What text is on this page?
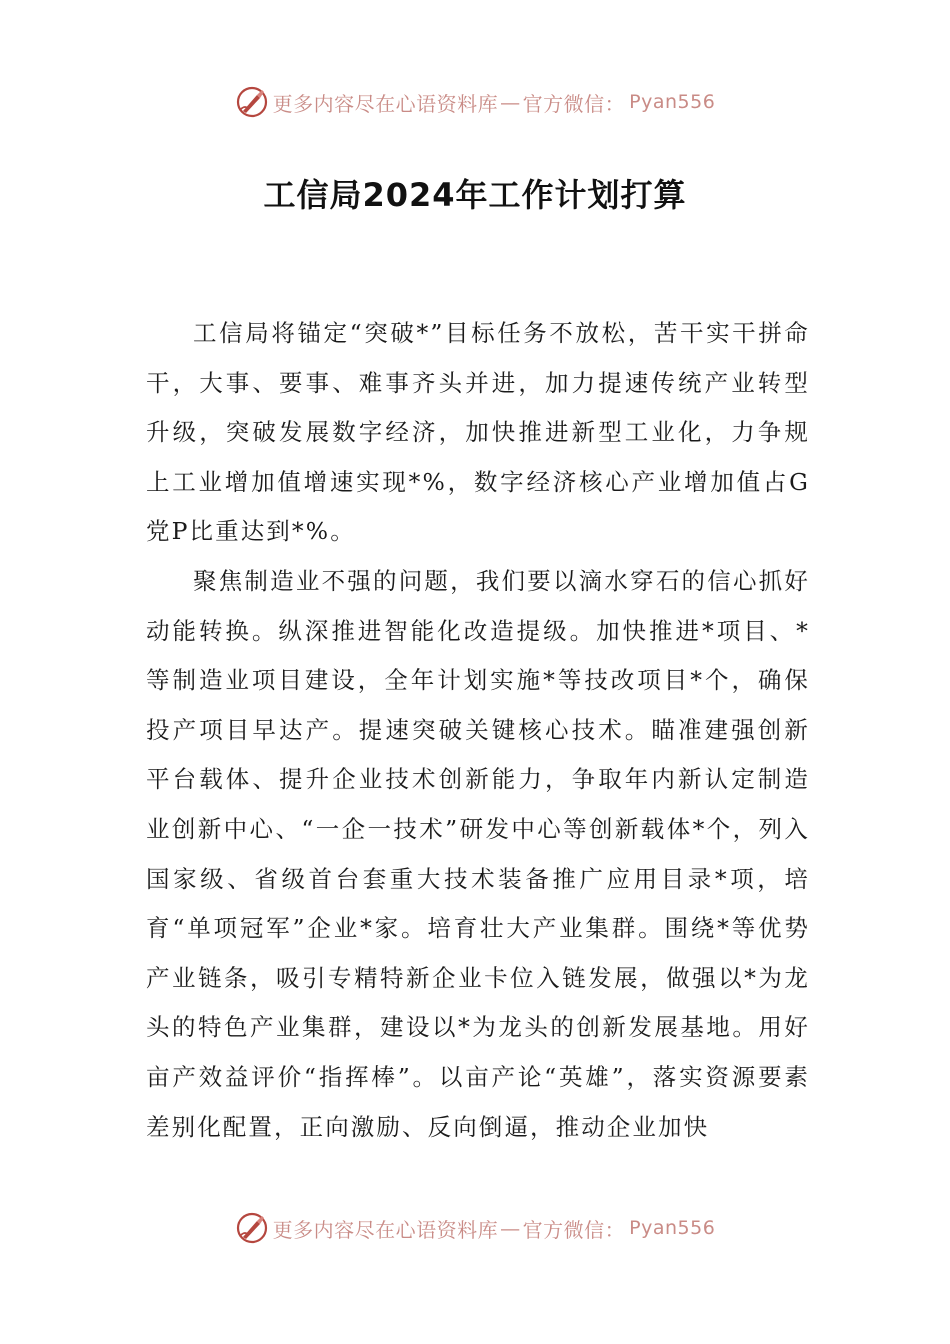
更多内容尽在心语资料库 — 官方微信： Pyan556
工信局2024年工作计划打算

工信局将锚定“突破*”目标任务不放松，苦干实干拼命干，大事、要事、难事齐头并进，加力提速传统产业转型升级，突破发展数字经济，加快推进新型工业化，力争规上工业增加值增速实现*%，数字经济核心产业增加值占G党P比重达到*%。

聚焦制造业不强的问题，我们要以滴水穿石的信心抓好动能转换。纵深推进智能化改造提级。加快推进*项目、*等制造业项目建设，全年计划实施*等技改项目*个，确保投产项目早达产。提速突破关键核心技术。瞄准建强创新平台载体、提升企业技术创新能力，争取年内新认定制造业创新中心、“一企一技术”研发中心等创新载体*个，列入国家级、省级首台套重大技术装备推广应用目录*项，培育“单项冠军”企业*家。培育壮大产业集群。围绕*等优势产业链条，吸引专精特新企业卡位入链发展，做强以*为龙头的特色产业集群，建设以*为龙头的创新发展基地。用好亩产效益评价“指挥棒”。以亩产论“英雄”，落实资源要素差别化配置，正向激励、反向倒逼，推动企业加快

更多内容尽在心语资料库 — 官方微信： Pyan556
